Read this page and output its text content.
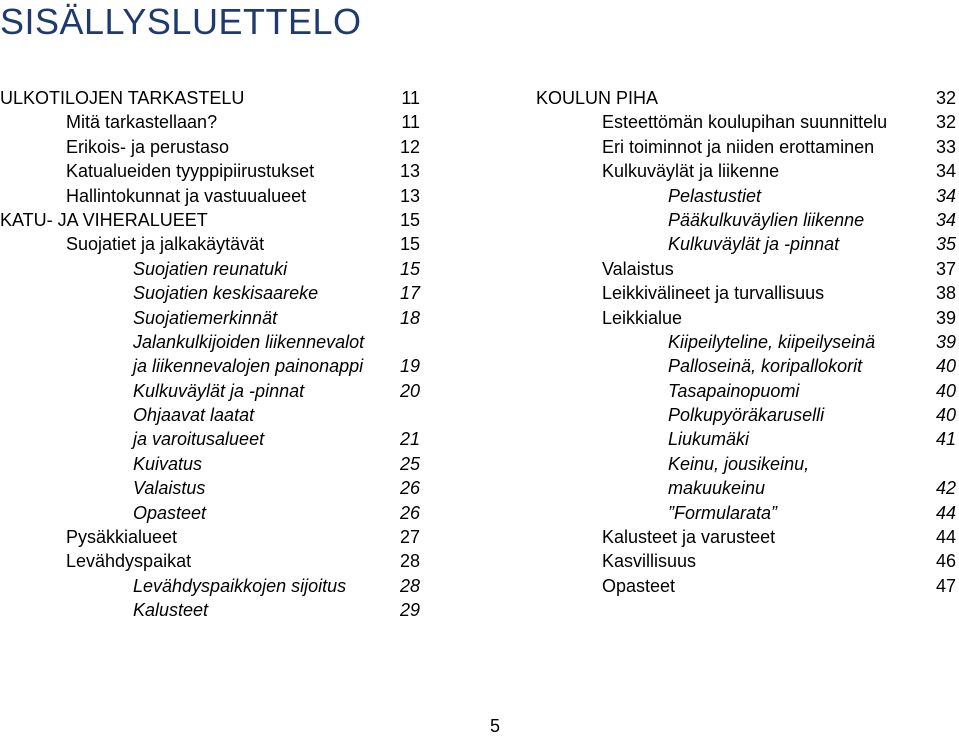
SISÄLLYSLUETTELO
ULKOTILOJEN TARKASTELU	11
Mitä tarkastellaan?	11
Erikois- ja perustaso	12
Katualueiden tyyppipiirustukset	13
Hallintokunnat ja vastuualueet	13
KATU- JA VIHERALUEET	15
Suojatiet ja jalkakäytävät	15
Suojatien reunatuki	15
Suojatien keskisaareke	17
Suojatiemerkinnät	18
Jalankulkijoiden liikennevalot
ja liikennevalojen painonappi 19
Kulkuväylät ja -pinnat	20
Ohjaavat laatat
ja varoitusalueet	21
Kuivatus	25
Valaistus	26
Opasteet	26
Pysäkkialueet	27
Levähdyspaikat	28
Levähdyspaikkojen sijoitus	28
Kalusteet	29
KOULUN PIHA	32
Esteettömän koulupihan suunnittelu	32
Eri toiminnot ja niiden erottaminen	33
Kulkuväylät ja liikenne	34
Pelastustiet	34
Pääkulkuväylien liikenne	34
Kulkuväylät ja -pinnat	35
Valaistus	37
Leikkivälineet ja turvallisuus	38
Leikkialue	39
Kiipeilyteline, kiipeilyseinä	39
Palloseinä, koripallokorit	40
Tasapainopuomi	40
Polkupyöräkaruselli	40
Liukumäki	41
Keinu, jousikeinu,
makuukeinu	42
”Formularata”	44
Kalusteet ja varusteet	44
Kasvillisuus	46
Opasteet	47
5
